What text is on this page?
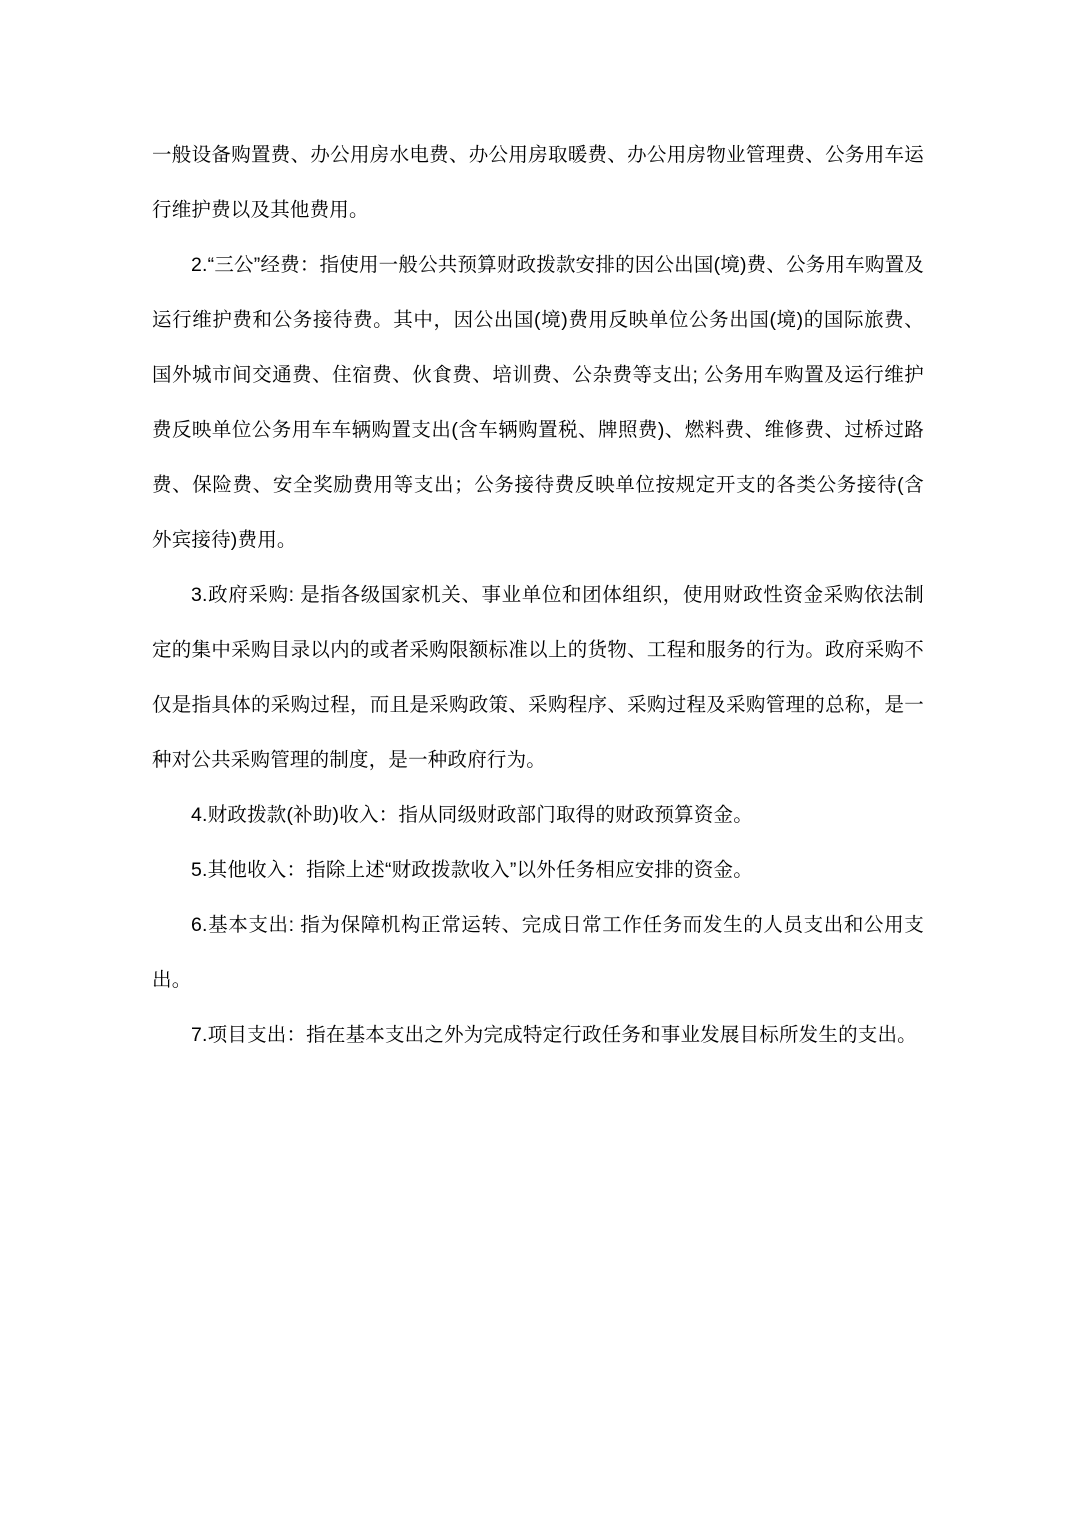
一般设备购置费、办公用房水电费、办公用房取暖费、办公用房物业管理费、公务用车运行维护费以及其他费用。

2.“三公”经费：指使用一般公共预算财政拨款安排的因公出国(境)费、公务用车购置及运行维护费和公务接待费。其中，因公出国(境)费用反映单位公务出国(境)的国际旅费、国外城市间交通费、住宿费、伙食费、培训费、公杂费等支出; 公务用车购置及运行维护费反映单位公务用车车辆购置支出(含车辆购置税、牌照费)、燃料费、维修费、过桥过路费、保险费、安全奖励费用等支出；公务接待费反映单位按规定开支的各类公务接待(含外宾接待)费用。

3.政府采购: 是指各级国家机关、事业单位和团体组织，使用财政性资金采购依法制定的集中采购目录以内的或者采购限额标准以上的货物、工程和服务的行为。政府采购不仅是指具体的采购过程，而且是采购政策、采购程序、采购过程及采购管理的总称，是一种对公共采购管理的制度，是一种政府行为。

4.财政拨款(补助)收入：指从同级财政部门取得的财政预算资金。

5.其他收入：指除上述“财政拨款收入”以外任务相应安排的资金。

6.基本支出: 指为保障机构正常运转、完成日常工作任务而发生的人员支出和公用支出。

7.项目支出：指在基本支出之外为完成特定行政任务和事业发展目标所发生的支出。
